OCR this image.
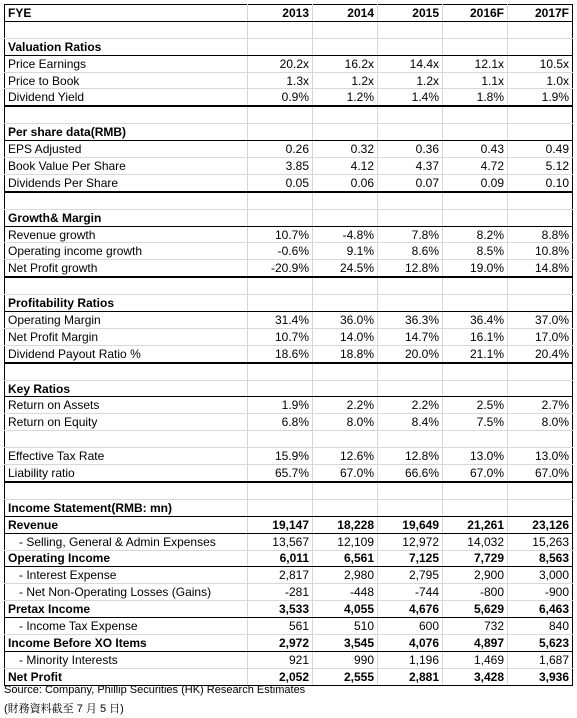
FYE	2013	2014	2015	2016F	2017F

Valuation Ratios					
Price Earnings	20.2x	16.2x	14.4x	12.1x	10.5x
Price to Book	1.3x	1.2x	1.2x	1.1x	1.0x
Dividend Yield	0.9%	1.2%	1.4%	1.8%	1.9%

Per share data(RMB)					
EPS Adjusted	0.26	0.32	0.36	0.43	0.49
Book Value Per Share	3.85	4.12	4.37	4.72	5.12
Dividends Per Share	0.05	0.06	0.07	0.09	0.10

Growth& Margin					
Revenue growth	10.7%	-4.8%	7.8%	8.2%	8.8%
Operating income growth	-0.6%	9.1%	8.6%	8.5%	10.8%
Net Profit growth	-20.9%	24.5%	12.8%	19.0%	14.8%

Profitability Ratios					
Operating Margin	31.4%	36.0%	36.3%	36.4%	37.0%
Net Profit Margin	10.7%	14.0%	14.7%	16.1%	17.0%
Dividend Payout Ratio %	18.6%	18.8%	20.0%	21.1%	20.4%

Key Ratios					
Return on Assets	1.9%	2.2%	2.2%	2.5%	2.7%
Return on Equity	6.8%	8.0%	8.4%	7.5%	8.0%

Effective Tax Rate	15.9%	12.6%	12.8%	13.0%	13.0%
Liability ratio	65.7%	67.0%	66.6%	67.0%	67.0%

Income Statement(RMB: mn)					
Revenue	19,147	18,228	19,649	21,261	23,126
- Selling, General & Admin Expenses	13,567	12,109	12,972	14,032	15,263
Operating Income	6,011	6,561	7,125	7,729	8,563
- Interest Expense	2,817	2,980	2,795	2,900	3,000
- Net Non-Operating Losses (Gains)	-281	-448	-744	-800	-900
Pretax Income	3,533	4,055	4,676	5,629	6,463
- Income Tax Expense	561	510	600	732	840
Income Before XO Items	2,972	3,545	4,076	4,897	5,623
- Minority Interests	921	990	1,196	1,469	1,687
Net Profit	2,052	2,555	2,881	3,428	3,936
Source: Company, Phillip Securities (HK) Research Estimates
(財務資料截至 7 月 5 日)
